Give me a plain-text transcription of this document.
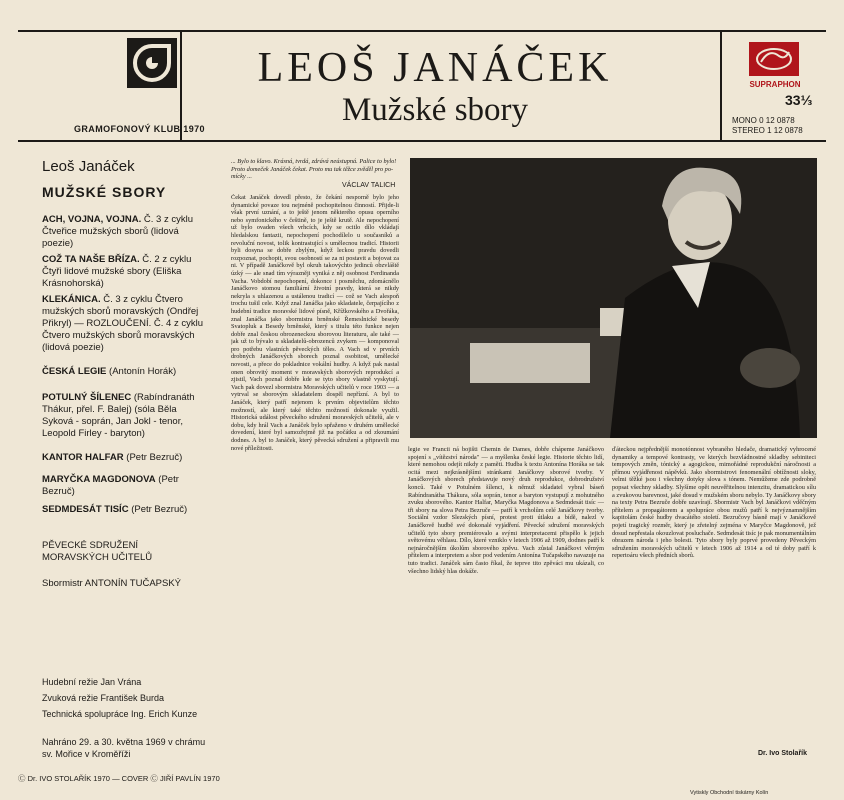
GRAMOFONOVÝ KLUB 1970
LEOŠ JANÁČEK
Mužské sbory
SUPRAPHON
33⅓
MONO 0 12 0878
STEREO 1 12 0878
Leoš Janáček
MUŽSKÉ SBORY
ACH, VOJNA, VOJNA. Č. 3 z cyklu Čtveřice mužských sborů (lidová poezie)
COŽ TA NAŠE BŘÍZA. Č. 2 z cyklu Čtyři lidové mužské sbory (Eliška Krásnohorská)
KLEKÁNICA. Č. 3 z cyklu Čtvero mužských sborů moravských (Ondřej Přikryl) — ROZLOUČENÍ. Č. 4 z cyklu Čtvero mužských sborů moravských (lidová poezie)
ČESKÁ LEGIE (Antonín Horák)
POTULNÝ ŠÍLENEC (Rabíndranáth Thákur, přel. F. Balej) (sóla Běla Syková - soprán, Jan Jokl - tenor, Leopold Firley - baryton)
KANTOR HALFAR (Petr Bezruč)
MARYČKA MAGDONOVA (Petr Bezruč)
SEDMDESÁT TISÍC (Petr Bezruč)
PĚVECKÉ SDRUŽENÍ MORAVSKÝCH UČITELŮ
Sbormistr ANTONÍN TUČAPSKÝ
Hudební režie Jan Vrána
Zvuková režie František Burda
Technická spolupráce Ing. Erich Kunze
Nahráno 29. a 30. května 1969 v chrámu sv. Mořice v Kroměříži
Ⓒ Dr. IVO STOLAŘÍK 1970 — COVER Ⓒ JIŘÍ PAVLÍN 1970
... Bylo to klavo. Krásná, tvrdá, zdrává neústupná. Palice to bylo! Proto domeček Janáček čekat. Proto mu tak těžce zvěděl pro po-mícky ...
VÁCLAV TALICH
Čekat Janáček dovedl přesto, že čekání nesporně bylo jeho dynamické povaze tou nejméně pochopitelnou činností. Přijde-li však první uznání, a to ještě jenom některého opusu operního nebo symfonického v češtině, to je ještě krutě. Ale nepochopení už bylo ovaden všech vrhcích, kdy se ocitlo dílo vkládají hledalskou fantazii, nepochopení pochodílelo u současníků a revoluční novost, tolik kontrastující s umělecnou tradicí. Historii byli dosyna se dobře zbylým, když leckou pravdu dovedli rozpoznat, pochopit, svou osobností se za ni postavit a bojovat za ni. V případě Janáčkově byl okruh takovýchto jedinců obzvláště úzký — ale snad tím výrazněji vyniká z něj osobnost Ferdinanda Vacha. Vobdobí nepochopení, dokonce i posměchu, zdomácnělo Janáčkovo stomou familiární životní pravdy, která se nikdy nekryla s uhlazenou a ustálenou tradicí — což se Vach alespoň trochu tušil cele. Když znal Janáčka jako skladatele, čerpajícího z hudební tradice moravské lidové písně, Křížkovského a Dvořáka, znal Janáčka jako sbormistra brněnské Řemeslnické besedy Svatopluk a Besedy brněnské, který s titulu této funkce nejen dobře znal českou obrozeneckou sborovou literaturu, ale také — jak už to bývalo u skladatelů-obrozenců zvykem — komponoval pro potřebu vlastních pěveckých těles. A Vach sd v prvních drobných Janáčkových sborech poznal osobitost, umělecké novosti, a přece do pokladnice vokální hudby. A když pak nastal onen obrovitý moment v moravských sborových reprodukcí a zjistil, Vach poznal dobře kde se tyto sbory vlastně vyskytují. Vach pak dovezl sbormistra Moravských učitelů v roce 1903 — a vytrval se sborovým skladatelem dospěl nepřízní. A byl to Janáček, který patří nejenom k prvním objevitelům těchto možností, ale který také těchto možností dokonale využil. Historická událost pěveckého sdružení moravských učitelů, ale v dobu, kdy hrál Vach a Janáček bylo spřaženo v druhém umělecké dovedení, které byl samozřejmě již na počátku a od zkoumání dodnes. A byl to Janáček, který pěvecká sdružení a připravili mu nové příležitosti.	legie ve Francii ná bojišti Chemin de Dames, dobře chápeme Janáčkovo spojení s „vítězství národa" — a myšlenka české legie. Historie těchto lidí, které nemohou odejít nikdy z paměti. Hudba k textu Antonína Horáka se tak ocitá mezi nejkrásnějšími stránkami Janáčkovy sborové tvorby. V Janáčkových sborech představuje nový druh reprodukce, dobrodružství konců. Také v Potulném šílenci, k němuž skladatel vybral báseň Rabíndranátha Thákura, sóla soprán, tenor a baryton vystupují z mohutného zvuku sborového. Kantor Halfar, Maryčka Magdonova a Sedmdesát tisíc — tři sbory na slova Petra Bezruče — patří k vrcholům celé Janáčkovy tvorby. Sociální vzdor Slezských písní, protest proti útlaku a bídě, nalezl v Janáčkově hudbě své dokonalé vyjádření. Pěvecké sdružení moravských učitelů tyto sbory premiérovalo a svými interpretacemi přispělo k jejich světovému věhlasu. Dílo, které vzniklo v letech 1906 až 1909, dodnes patří k nejnáročnějším úkolům sborového zpěvu. Vach zůstal Janáčkovi věrným přítelem a interpretem a sbor pod vedením Antonína Tučapského navazuje na tuto tradici. Janáček sám často říkal, že teprve tito zpěváci mu ukázali, co všechno lidský hlas dokáže.
ďáteckou nejpřednější monotónnost vybraného hledače, dramatický vyhrocené dynamiky a tempové kontrasty, ve kterých bezvládnostné skladby sebiniteci tempových změn, tónický a agogickou, mimořádné reprodukční náročnosti a přímou vyjádřenost nápěvků. Jako sbormistrovi fenomenální obtížnosti sloky, velmi těžké jsou i všechny dotyky slova s tónem. Nemůžeme zde podrobně popsat všechny skladby. Slyšíme opět neuvěřitelnou intenzitu, dramatickou sílu a zvukovou barevnost, jaké dosud v mužském sboru nebylo. Ty Janáčkovy sbory na texty Petra Bezruče dobře uzavírají. Sbormistr Vach byl Janáčkovi vděčným přítelem a propagátorem a spolupráce obou mužů patří k nejvýznamnějším kapitolám české hudby dvacátého století. Bezručovy básně mají v Janáčkově pojetí tragický rozměr, který je zřetelný zejména v Maryčce Magdonově, jež dosud nepřestala okouzlovat posluchače. Sedmdesát tisíc je pak monumentálním obrazem národa i jeho bolesti. Tyto sbory byly poprvé provedeny Pěveckým sdružením moravských učitelů v letech 1906 až 1914 a od té doby patří k repertoáru všech předních sborů.
Dr. Ivo Stolařík
Vytiskly Obchodní tiskárny Kolín
